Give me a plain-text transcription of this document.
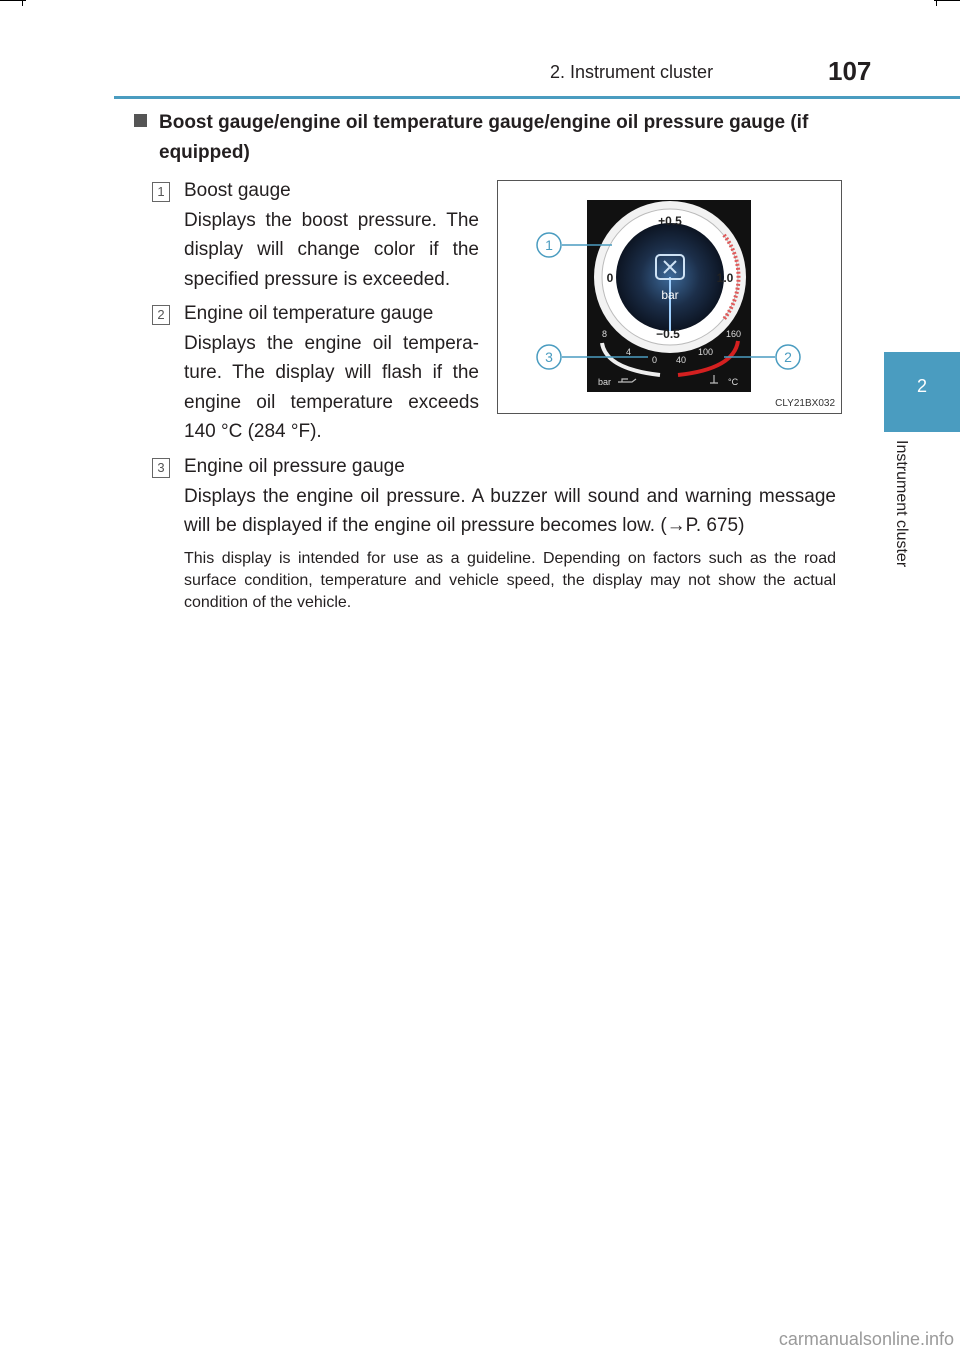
2. Instrument cluster	107
2
Instrument cluster
Boost gauge/engine oil temperature gauge/engine oil pressure gauge (if
equipped)
1 Boost gauge
Displays the boost pressure. The
display will change color if the
specified pressure is exceeded.
2 Engine oil temperature gauge
Displays the engine oil tempera-
ture. The display will flash if the
engine oil temperature exceeds
140 °C (284 °F).
3 Engine oil pressure gauge
Displays the engine oil pressure. A buzzer will sound and warning message
will be displayed if the engine oil pressure becomes low. (→P. 675)
This display is intended for use as a guideline. Depending on factors such as the road surface condition, temperature and vehicle speed, the display may not show the actual condition of the vehicle.
bar
+0.5
0	1.0
−0.5
8
4
0
bar
40
100
160
°C
1
3	2
CLY21BX032
carmanualsonline.info
